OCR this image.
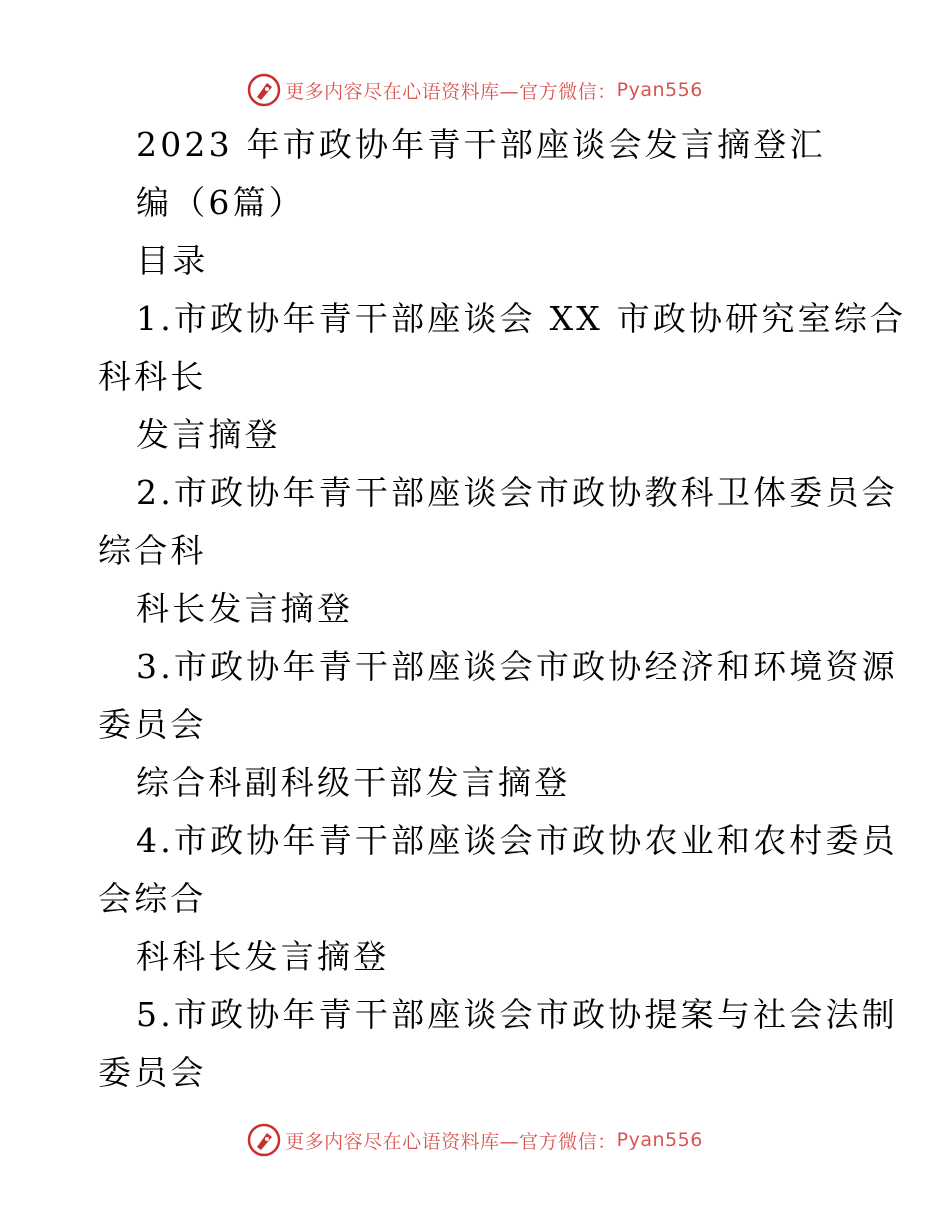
更多内容尽在心语资料库—官方微信： Pyan556
2023 年市政协年青干部座谈会发言摘登汇
编（6篇）
目录
1.市政协年青干部座谈会 XX 市政协研究室综合
科科长
发言摘登
2.市政协年青干部座谈会市政协教科卫体委员会
综合科
科长发言摘登
3.市政协年青干部座谈会市政协经济和环境资源
委员会
综合科副科级干部发言摘登
4.市政协年青干部座谈会市政协农业和农村委员
会综合
科科长发言摘登
5.市政协年青干部座谈会市政协提案与社会法制
委员会
更多内容尽在心语资料库—官方微信： Pyan556
